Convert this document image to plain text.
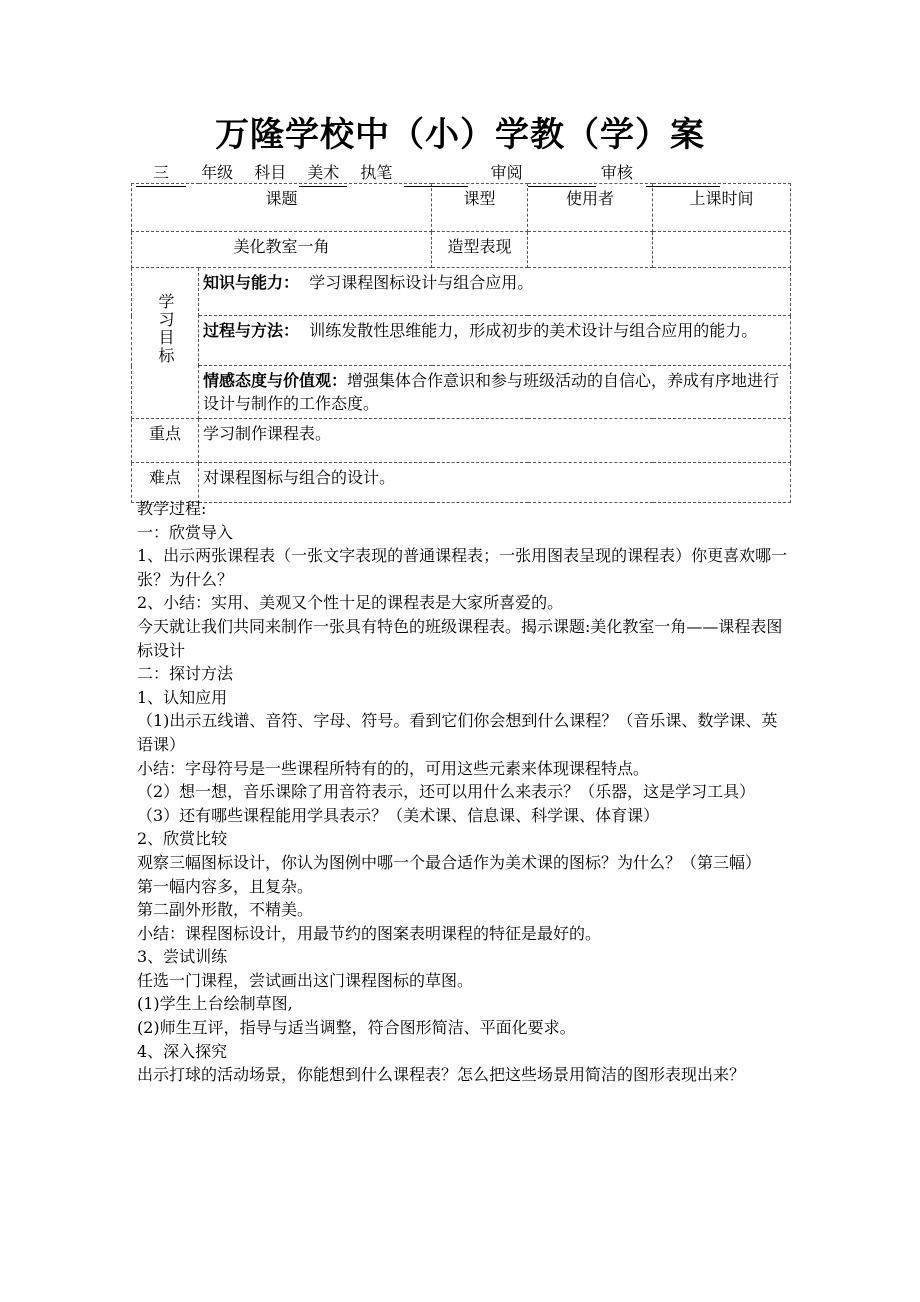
万隆学校中（小）学教（学）案
三 年级 科目 美术 执笔	审阅	审核
课题		课型	使用者	上课时间
美化教室一角		造型表现		

学习目标	知识与能力： 学习课程图标设计与组合应用。			
	过程与方法： 训练发散性思维能力，形成初步的美术设计与组合应用的能力。			
	情感态度与价值观：增强集体合作意识和参与班级活动的自信心，养成有序地进行设计与制作的工作态度。			
重点	学习制作课程表。			
难点	对课程图标与组合的设计。			

教学过程:

一：欣赏导入

1、出示两张课程表（一张文字表现的普通课程表；一张用图表呈现的课程表）你更喜欢哪一张？为什么？

2、小结：实用、美观又个性十足的课程表是大家所喜爱的。

今天就让我们共同来制作一张具有特色的班级课程表。揭示课题:美化教室一角——课程表图标设计

二：探讨方法

1、认知应用

（1)出示五线谱、音符、字母、符号。看到它们你会想到什么课程？（音乐课、数学课、英语课）

小结：字母符号是一些课程所特有的的，可用这些元素来体现课程特点。

（2）想一想，音乐课除了用音符表示，还可以用什么来表示？（乐器，这是学习工具）

（3）还有哪些课程能用学具表示？（美术课、信息课、科学课、体育课）

2、欣赏比较

观察三幅图标设计，你认为图例中哪一个最合适作为美术课的图标？为什么？（第三幅）

第一幅内容多，且复杂。

第二副外形散，不精美。

小结：课程图标设计，用最节约的图案表明课程的特征是最好的。

3、尝试训练

任选一门课程，尝试画出这门课程图标的草图。

(1)学生上台绘制草图,

(2)师生互评，指导与适当调整，符合图形简洁、平面化要求。

4、深入探究

出示打球的活动场景，你能想到什么课程表？怎么把这些场景用简洁的图形表现出来？
